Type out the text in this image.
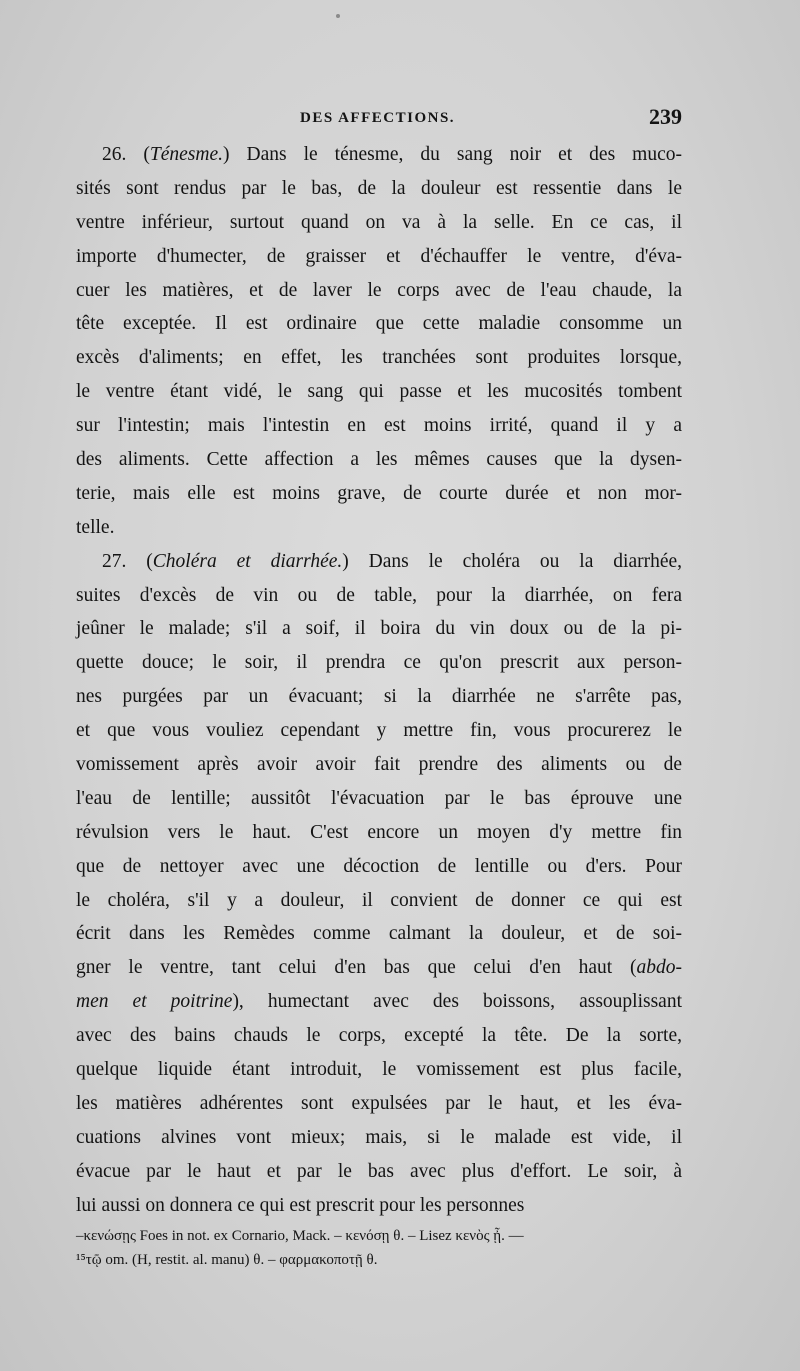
DES AFFECTIONS.	239
26. (Ténesme.) Dans le ténesme, du sang noir et des muco-
sités sont rendus par le bas, de la douleur est ressentie dans le
ventre inférieur, surtout quand on va à la selle. En ce cas, il
importe d'humecter, de graisser et d'échauffer le ventre, d'éva-
cuer les matières, et de laver le corps avec de l'eau chaude, la
tête exceptée. Il est ordinaire que cette maladie consomme un
excès d'aliments; en effet, les tranchées sont produites lorsque,
le ventre étant vidé, le sang qui passe et les mucosités tombent
sur l'intestin; mais l'intestin en est moins irrité, quand il y a
des aliments. Cette affection a les mêmes causes que la dysen-
terie, mais elle est moins grave, de courte durée et non mor-
telle.
27. (Choléra et diarrhée.) Dans le choléra ou la diarrhée,
suites d'excès de vin ou de table, pour la diarrhée, on fera
jeûner le malade; s'il a soif, il boira du vin doux ou de la pi-
quette douce; le soir, il prendra ce qu'on prescrit aux person-
nes purgées par un évacuant; si la diarrhée ne s'arrête pas,
et que vous vouliez cependant y mettre fin, vous procurerez le
vomissement après avoir avoir fait prendre des aliments ou de
l'eau de lentille; aussitôt l'évacuation par le bas éprouve une
révulsion vers le haut. C'est encore un moyen d'y mettre fin
que de nettoyer avec une décoction de lentille ou d'ers. Pour
le choléra, s'il y a douleur, il convient de donner ce qui est
écrit dans les Remèdes comme calmant la douleur, et de soi-
gner le ventre, tant celui d'en bas que celui d'en haut (abdo-
men et poitrine), humectant avec des boissons, assouplissant
avec des bains chauds le corps, excepté la tête. De la sorte,
quelque liquide étant introduit, le vomissement est plus facile,
les matières adhérentes sont expulsées par le haut, et les éva-
cuations alvines vont mieux; mais, si le malade est vide, il
évacue par le haut et par le bas avec plus d'effort. Le soir, à
lui aussi on donnera ce qui est prescrit pour les personnes
–κενώσῃς Foes in not. ex Cornario, Mack. – κενόσῃ θ. – Lisez κενὸς ᾖ. —
¹⁵τῷ om. (H, restit. al. manu) θ. – φαρμακοποτῇ θ.
